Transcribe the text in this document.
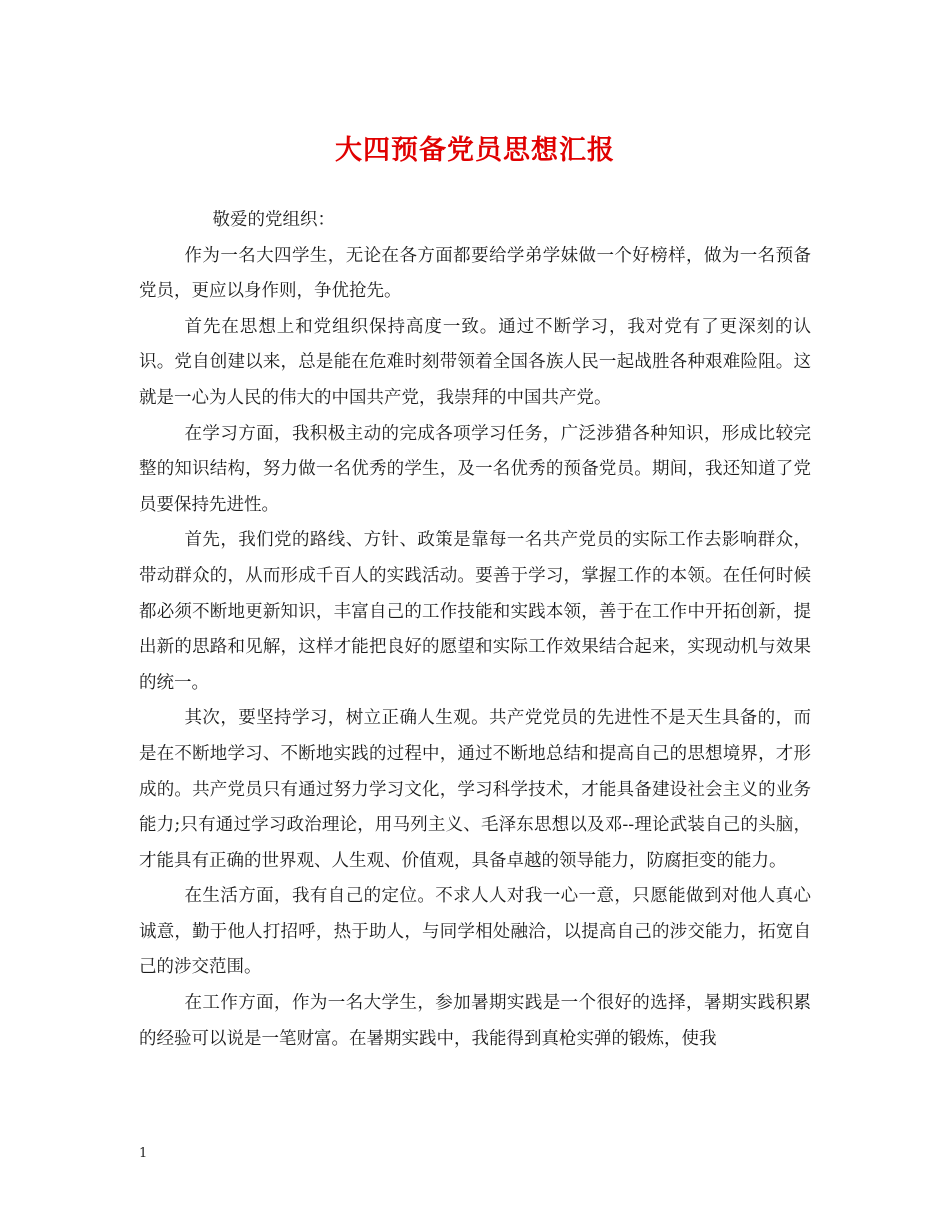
大四预备党员思想汇报

敬爱的党组织：

作为一名大四学生，无论在各方面都要给学弟学妹做一个好榜样，做为一名预备党员，更应以身作则，争优抢先。

首先在思想上和党组织保持高度一致。通过不断学习，我对党有了更深刻的认识。党自创建以来，总是能在危难时刻带领着全国各族人民一起战胜各种艰难险阻。这就是一心为人民的伟大的中国共产党，我崇拜的中国共产党。

在学习方面，我积极主动的完成各项学习任务，广泛涉猎各种知识，形成比较完整的知识结构，努力做一名优秀的学生，及一名优秀的预备党员。期间，我还知道了党员要保持先进性。

首先，我们党的路线、方针、政策是靠每一名共产党员的实际工作去影响群众，带动群众的，从而形成千百人的实践活动。要善于学习，掌握工作的本领。在任何时候都必须不断地更新知识，丰富自己的工作技能和实践本领，善于在工作中开拓创新，提出新的思路和见解，这样才能把良好的愿望和实际工作效果结合起来，实现动机与效果的统一。

其次，要坚持学习，树立正确人生观。共产党党员的先进性不是天生具备的，而是在不断地学习、不断地实践的过程中，通过不断地总结和提高自己的思想境界，才形成的。共产党员只有通过努力学习文化，学习科学技术，才能具备建设社会主义的业务能力;只有通过学习政治理论，用马列主义、毛泽东思想以及邓--理论武装自己的头脑，才能具有正确的世界观、人生观、价值观，具备卓越的领导能力，防腐拒变的能力。

在生活方面，我有自己的定位。不求人人对我一心一意，只愿能做到对他人真心诚意，勤于他人打招呼，热于助人，与同学相处融洽，以提高自己的涉交能力，拓宽自己的涉交范围。

在工作方面，作为一名大学生，参加暑期实践是一个很好的选择，暑期实践积累的经验可以说是一笔财富。在暑期实践中，我能得到真枪实弹的锻炼，使我

1
